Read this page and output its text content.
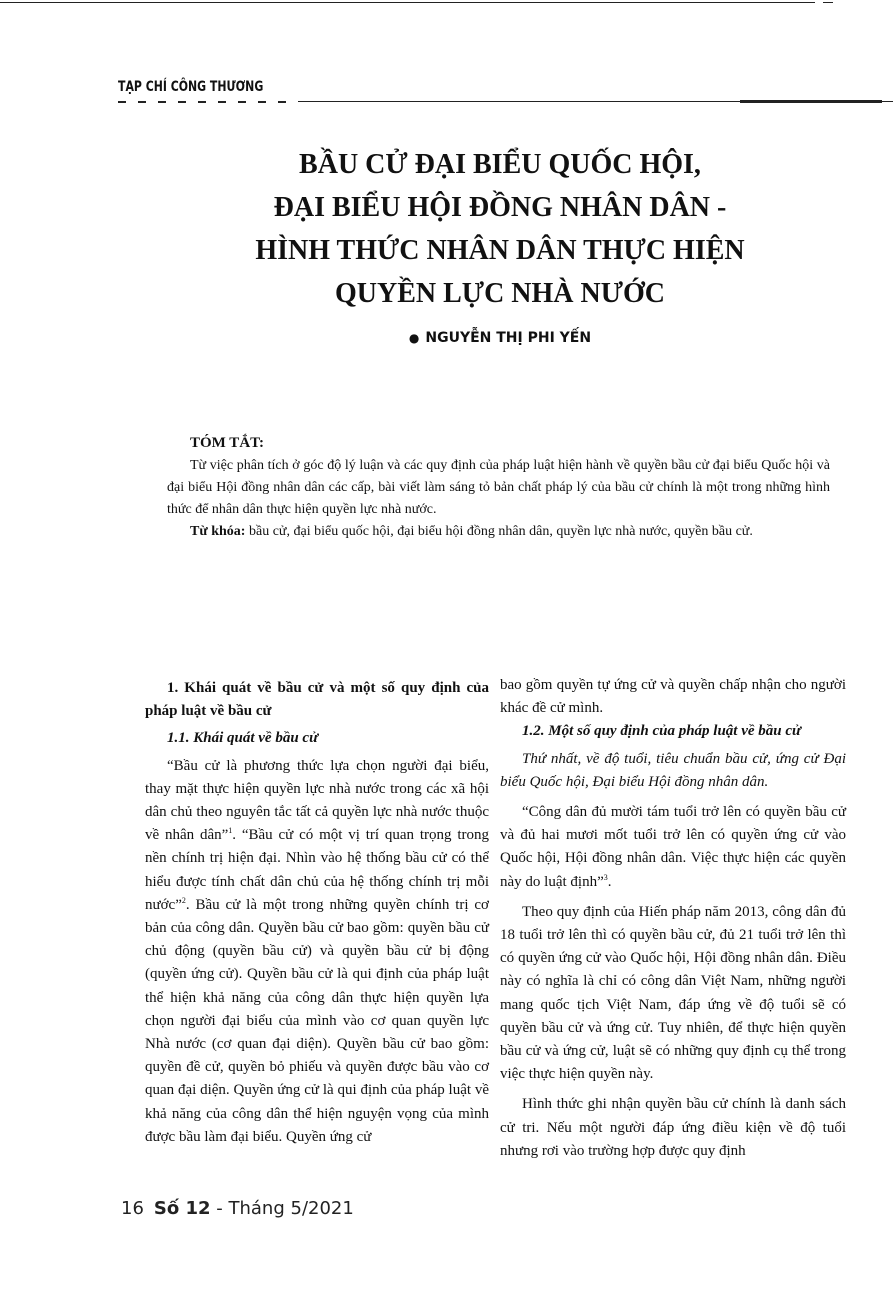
TẠP CHÍ CÔNG THƯƠNG
BẦU CỬ ĐẠI BIỂU QUỐC HỘI,
ĐẠI BIỂU HỘI ĐỒNG NHÂN DÂN -
HÌNH THỨC NHÂN DÂN THỰC HIỆN
QUYỀN LỰC NHÀ NƯỚC
● NGUYỄN THỊ PHI YẾN
TÓM TẮT:

Từ việc phân tích ở góc độ lý luận và các quy định của pháp luật hiện hành về quyền bầu cử đại biểu Quốc hội và đại biểu Hội đồng nhân dân các cấp, bài viết làm sáng tỏ bản chất pháp lý của bầu cử chính là một trong những hình thức để nhân dân thực hiện quyền lực nhà nước.

Từ khóa: bầu cử, đại biểu quốc hội, đại biểu hội đồng nhân dân, quyền lực nhà nước, quyền bầu cử.

1. Khái quát về bầu cử và một số quy định của pháp luật về bầu cử

1.1. Khái quát về bầu cử

“Bầu cử là phương thức lựa chọn người đại biểu, thay mặt thực hiện quyền lực nhà nước trong các xã hội dân chủ theo nguyên tắc tất cả quyền lực nhà nước thuộc về nhân dân”$^1$. “Bầu cử có một vị trí quan trọng trong nền chính trị hiện đại. Nhìn vào hệ thống bầu cử có thể hiểu được tính chất dân chủ của hệ thống chính trị mỗi nước”$^2$. Bầu cử là một trong những quyền chính trị cơ bản của công dân. Quyền bầu cử bao gồm: quyền bầu cử chủ động (quyền bầu cử) và quyền bầu cử bị động (quyền ứng cử). Quyền bầu cử là qui định của pháp luật thể hiện khả năng của công dân thực hiện quyền lựa chọn người đại biểu của mình vào cơ quan quyền lực Nhà nước (cơ quan đại diện). Quyền bầu cử bao gồm: quyền đề cử, quyền bỏ phiếu và quyền được bầu vào cơ quan đại diện. Quyền ứng cử là qui định của pháp luật về khả năng của công dân thể hiện nguyện vọng của mình được bầu làm đại biểu. Quyền ứng cử

bao gồm quyền tự ứng cử và quyền chấp nhận cho người khác đề cử mình.

1.2. Một số quy định của pháp luật về bầu cử

Thứ nhất, về độ tuổi, tiêu chuẩn bầu cử, ứng cử Đại biểu Quốc hội, Đại biểu Hội đồng nhân dân.

“Công dân đủ mười tám tuổi trở lên có quyền bầu cử và đủ hai mươi mốt tuổi trở lên có quyền ứng cử vào Quốc hội, Hội đồng nhân dân. Việc thực hiện các quyền này do luật định”$^3$.

Theo quy định của Hiến pháp năm 2013, công dân đủ 18 tuổi trở lên thì có quyền bầu cử, đủ 21 tuổi trở lên thì có quyền ứng cử vào Quốc hội, Hội đồng nhân dân. Điều này có nghĩa là chỉ có công dân Việt Nam, những người mang quốc tịch Việt Nam, đáp ứng về độ tuổi sẽ có quyền bầu cử và ứng cử. Tuy nhiên, để thực hiện quyền bầu cử và ứng cử, luật sẽ có những quy định cụ thể trong việc thực hiện quyền này.

Hình thức ghi nhận quyền bầu cử chính là danh sách cử tri. Nếu một người đáp ứng điều kiện về độ tuổi nhưng rơi vào trường hợp được quy định

16 Số 12 - Tháng 5/2021
